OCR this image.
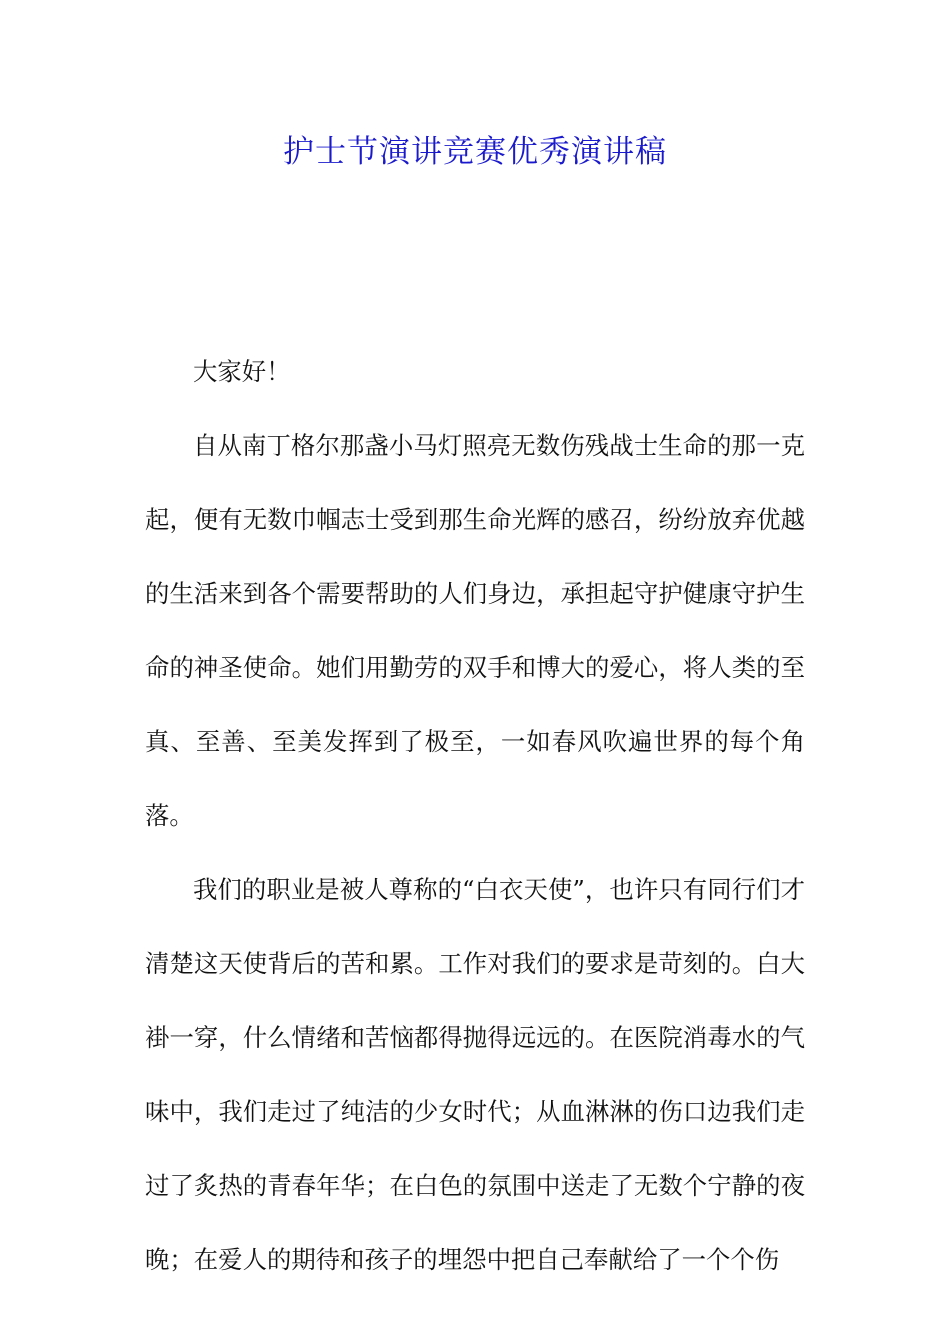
护士节演讲竞赛优秀演讲稿

大家好！

自从南丁格尔那盏小马灯照亮无数伤残战士生命的那一克起，便有无数巾帼志士受到那生命光辉的感召，纷纷放弃优越的生活来到各个需要帮助的人们身边，承担起守护健康守护生命的神圣使命。她们用勤劳的双手和博大的爱心，将人类的至真、至善、至美发挥到了极至，一如春风吹遍世界的每个角落。

我们的职业是被人尊称的“白衣天使”，也许只有同行们才清楚这天使背后的苦和累。工作对我们的要求是苛刻的。白大褂一穿，什么情绪和苦恼都得抛得远远的。在医院消毒水的气味中，我们走过了纯洁的少女时代；从血淋淋的伤口边我们走过了炙热的青春年华；在白色的氛围中送走了无数个宁静的夜晚；在爱人的期待和孩子的埋怨中把自己奉献给了一个个伤
